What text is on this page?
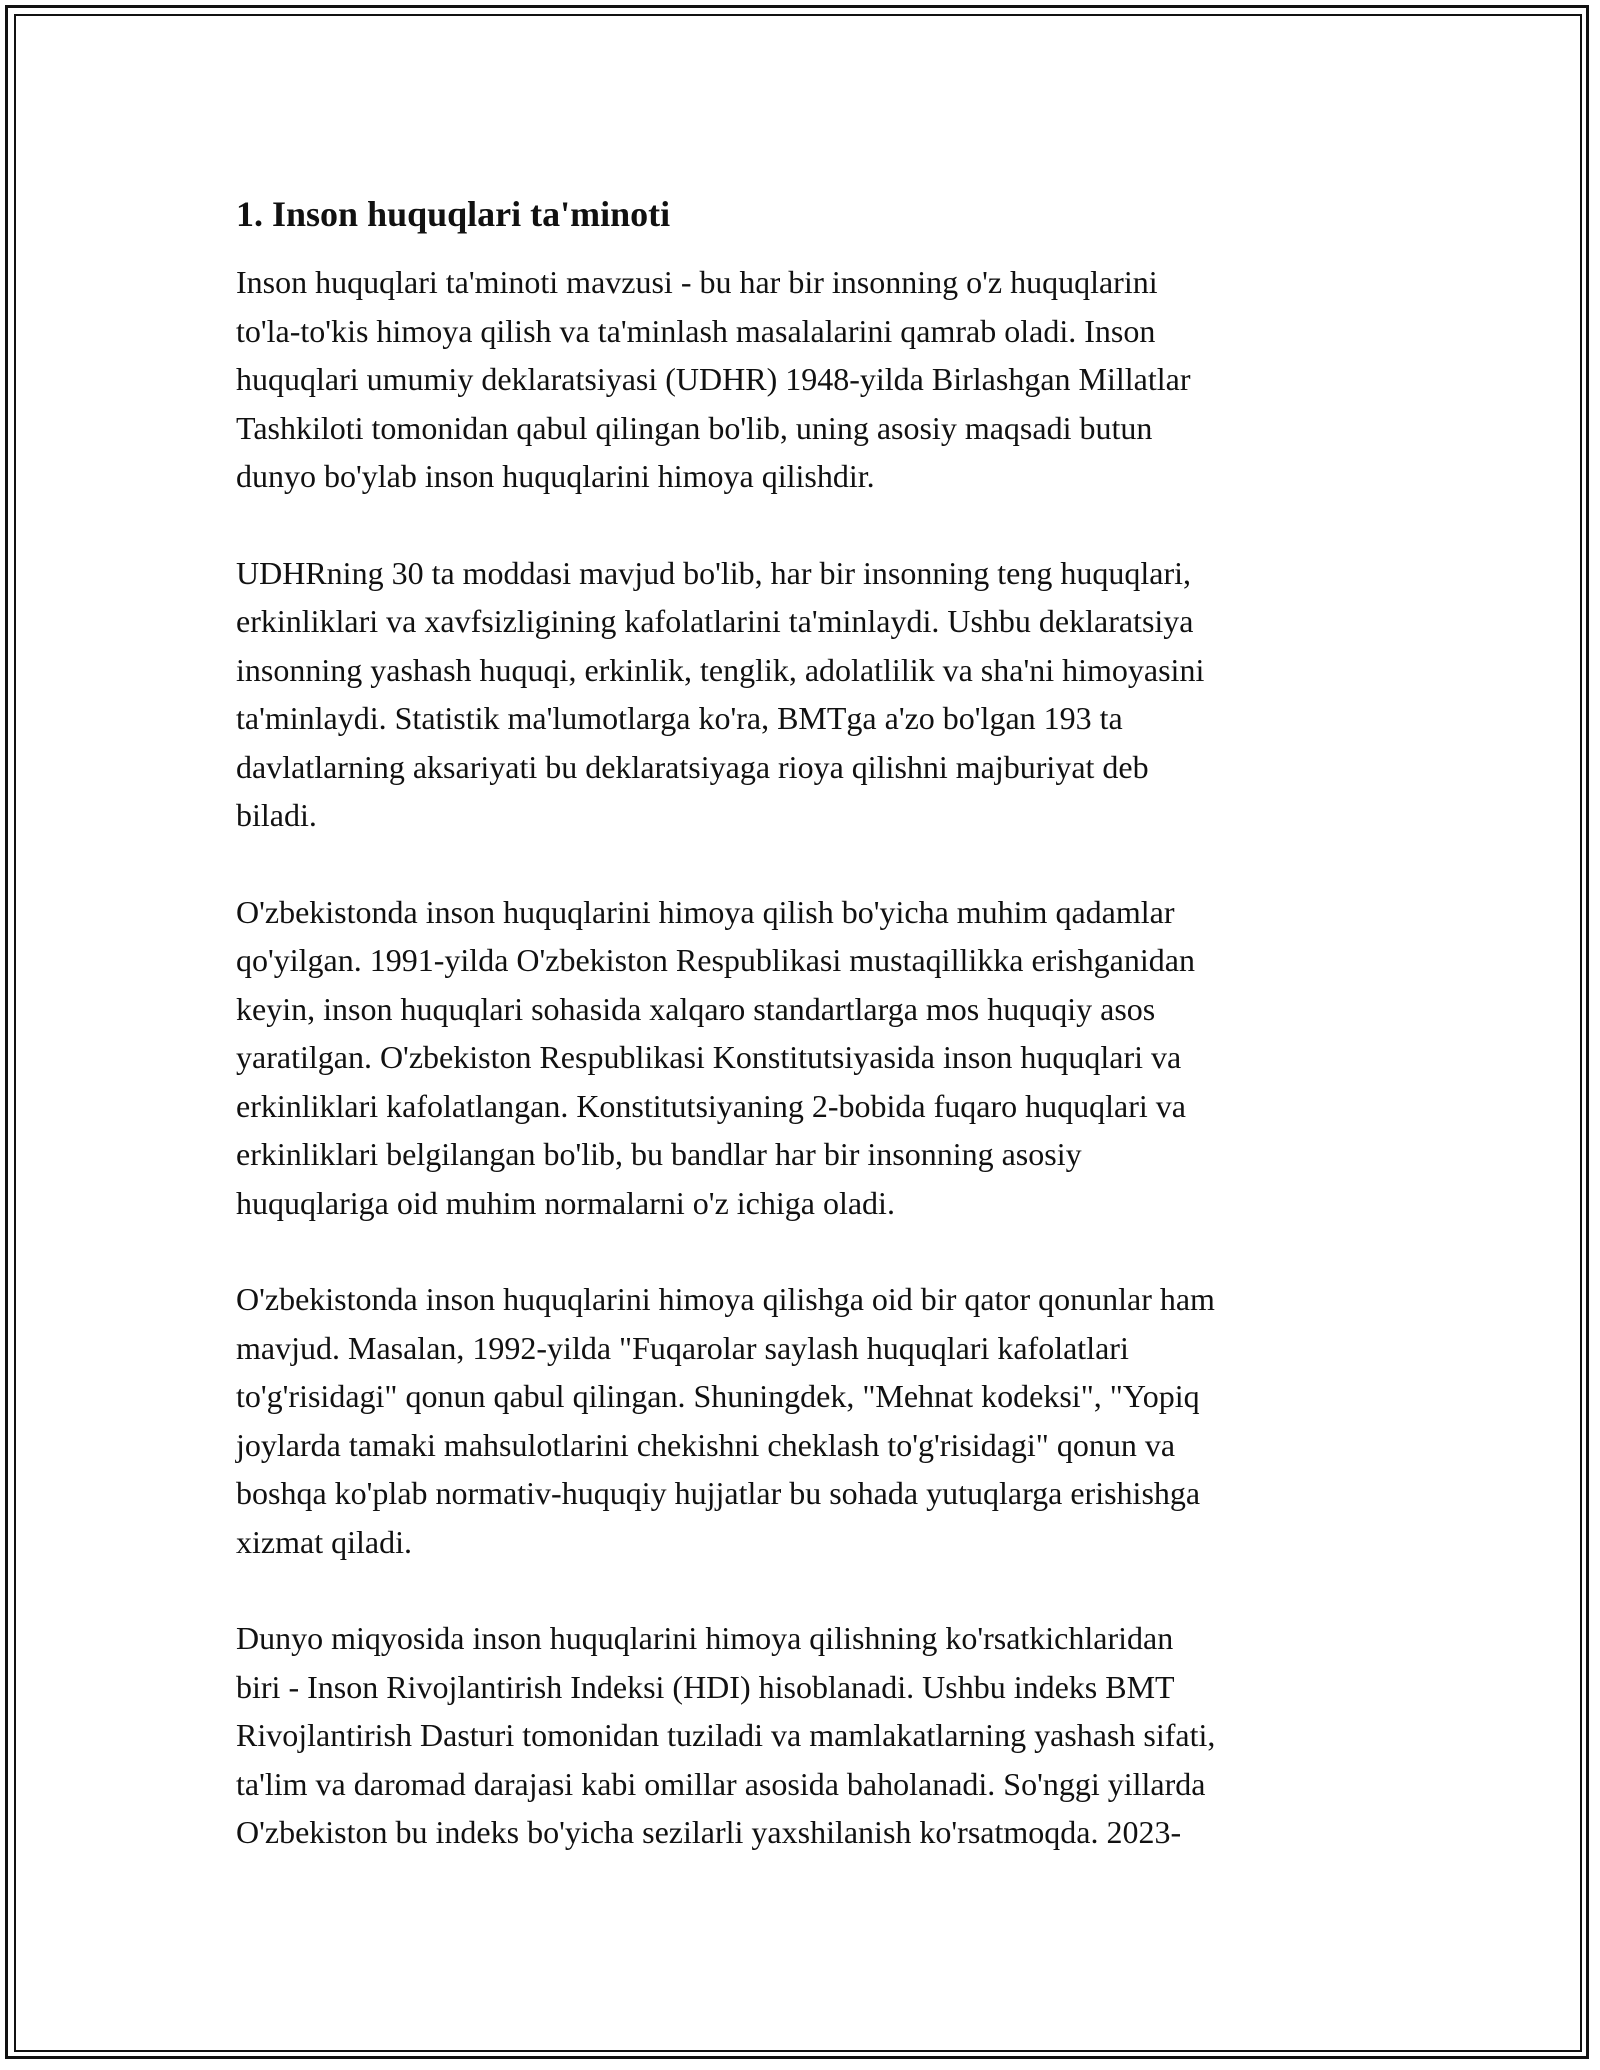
1. Inson huquqlari ta'minoti

Inson huquqlari ta'minoti mavzusi - bu har bir insonning o'z huquqlarini
to'la-to'kis himoya qilish va ta'minlash masalalarini qamrab oladi. Inson
huquqlari umumiy deklaratsiyasi (UDHR) 1948-yilda Birlashgan Millatlar
Tashkiloti tomonidan qabul qilingan bo'lib, uning asosiy maqsadi butun
dunyo bo'ylab inson huquqlarini himoya qilishdir.

UDHRning 30 ta moddasi mavjud bo'lib, har bir insonning teng huquqlari,
erkinliklari va xavfsizligining kafolatlarini ta'minlaydi. Ushbu deklaratsiya
insonning yashash huquqi, erkinlik, tenglik, adolatlilik va sha'ni himoyasini
ta'minlaydi. Statistik ma'lumotlarga ko'ra, BMTga a'zo bo'lgan 193 ta
davlatlarning aksariyati bu deklaratsiyaga rioya qilishni majburiyat deb
biladi.

O'zbekistonda inson huquqlarini himoya qilish bo'yicha muhim qadamlar
qo'yilgan. 1991-yilda O'zbekiston Respublikasi mustaqillikka erishganidan
keyin, inson huquqlari sohasida xalqaro standartlarga mos huquqiy asos
yaratilgan. O'zbekiston Respublikasi Konstitutsiyasida inson huquqlari va
erkinliklari kafolatlangan. Konstitutsiyaning 2-bobida fuqaro huquqlari va
erkinliklari belgilangan bo'lib, bu bandlar har bir insonning asosiy
huquqlariga oid muhim normalarni o'z ichiga oladi.

O'zbekistonda inson huquqlarini himoya qilishga oid bir qator qonunlar ham
mavjud. Masalan, 1992-yilda "Fuqarolar saylash huquqlari kafolatlari
to'g'risidagi" qonun qabul qilingan. Shuningdek, "Mehnat kodeksi", "Yopiq
joylarda tamaki mahsulotlarini chekishni cheklash to'g'risidagi" qonun va
boshqa ko'plab normativ-huquqiy hujjatlar bu sohada yutuqlarga erishishga
xizmat qiladi.

Dunyo miqyosida inson huquqlarini himoya qilishning ko'rsatkichlaridan
biri - Inson Rivojlantirish Indeksi (HDI) hisoblanadi. Ushbu indeks BMT
Rivojlantirish Dasturi tomonidan tuziladi va mamlakatlarning yashash sifati,
ta'lim va daromad darajasi kabi omillar asosida baholanadi. So'nggi yillarda
O'zbekiston bu indeks bo'yicha sezilarli yaxshilanish ko'rsatmoqda. 2023-
